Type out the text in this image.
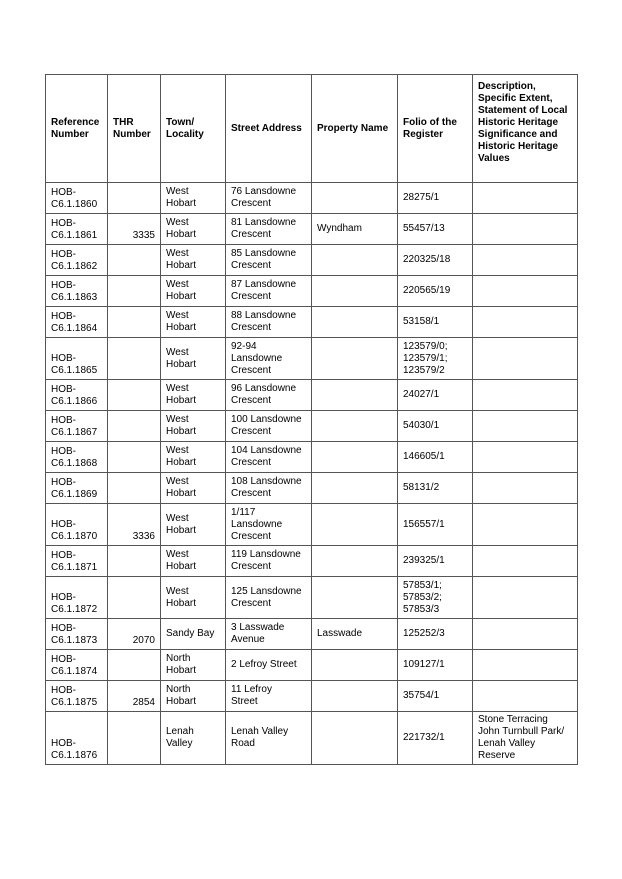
Reference Number	THR Number	Town/ Locality	Street Address	Property Name	Folio of the Register	Description, Specific Extent, Statement of Local Historic Heritage Significance and Historic Heritage Values

HOB-
C6.1.1860		West
Hobart	76 Lansdowne
Crescent		28275/1	

HOB-
C6.1.1861	3335	West
Hobart	81 Lansdowne
Crescent	Wyndham	55457/13	

HOB-
C6.1.1862		West
Hobart	85 Lansdowne
Crescent		220325/18	

HOB-
C6.1.1863		West
Hobart	87 Lansdowne
Crescent		220565/19	

HOB-
C6.1.1864		West
Hobart	88 Lansdowne
Crescent		53158/1	

HOB-
C6.1.1865		West
Hobart	92-94
Lansdowne
Crescent		123579/0;
123579/1;
123579/2	

HOB-
C6.1.1866		West
Hobart	96 Lansdowne
Crescent		24027/1	

HOB-
C6.1.1867		West
Hobart	100 Lansdowne
Crescent		54030/1	

HOB-
C6.1.1868		West
Hobart	104 Lansdowne
Crescent		146605/1	

HOB-
C6.1.1869		West
Hobart	108 Lansdowne
Crescent		58131/2	

HOB-
C6.1.1870	3336	West
Hobart	1/117
Lansdowne
Crescent		156557/1	

HOB-
C6.1.1871		West
Hobart	119 Lansdowne
Crescent		239325/1	

HOB-
C6.1.1872		West
Hobart	125 Lansdowne
Crescent		57853/1;
57853/2;
57853/3	

HOB-
C6.1.1873	2070	Sandy Bay	3 Lasswade
Avenue	Lasswade	125252/3	

HOB-
C6.1.1874		North
Hobart	2 Lefroy Street		109127/1	

HOB-
C6.1.1875	2854	North
Hobart	11 Lefroy
Street		35754/1	

HOB-
C6.1.1876		Lenah
Valley	Lenah Valley
Road		221732/1	Stone Terracing
John Turnbull Park/
Lenah Valley
Reserve
